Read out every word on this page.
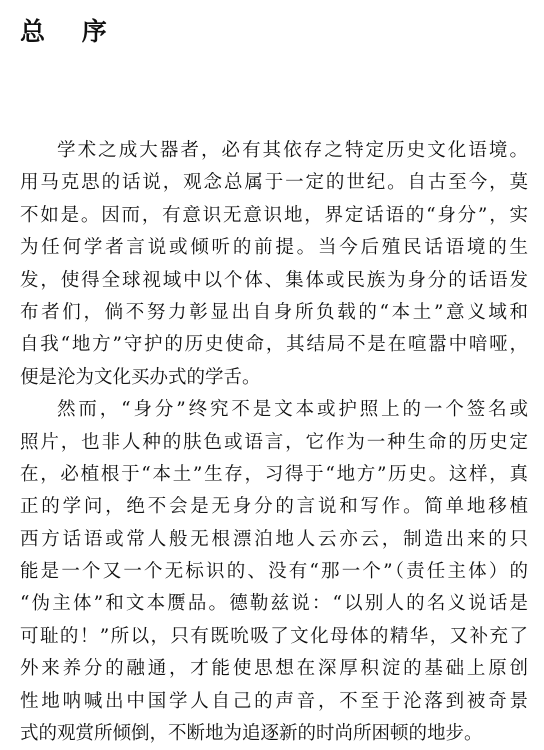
总 序
学术之成大器者，必有其依存之特定历史文化语境。
用马克思的话说，观念总属于一定的世纪。自古至今，莫
不如是。因而，有意识无意识地，界定话语的“身分”，实
为任何学者言说或倾听的前提。当今后殖民话语境的生
发，使得全球视域中以个体、集体或民族为身分的话语发
布者们，倘不努力彰显出自身所负载的“本土”意义域和
自我“地方”守护的历史使命，其结局不是在喧嚣中喑哑，
便是沦为文化买办式的学舌。
然而，“身分”终究不是文本或护照上的一个签名或
照片，也非人种的肤色或语言，它作为一种生命的历史定
在，必植根于“本土”生存，习得于“地方”历史。这样，真
正的学问，绝不会是无身分的言说和写作。简单地移植
西方话语或常人般无根漂泊地人云亦云，制造出来的只
能是一个又一个无标识的、没有“那一个”（责任主体）的
“伪主体”和文本赝品。德勒兹说：“以别人的名义说话是
可耻的！”所以，只有既吮吸了文化母体的精华，又补充了
外来养分的融通，才能使思想在深厚积淀的基础上原创
性地呐喊出中国学人自己的声音，不至于沦落到被奇景
式的观赏所倾倒，不断地为追逐新的时尚所困顿的地步。
